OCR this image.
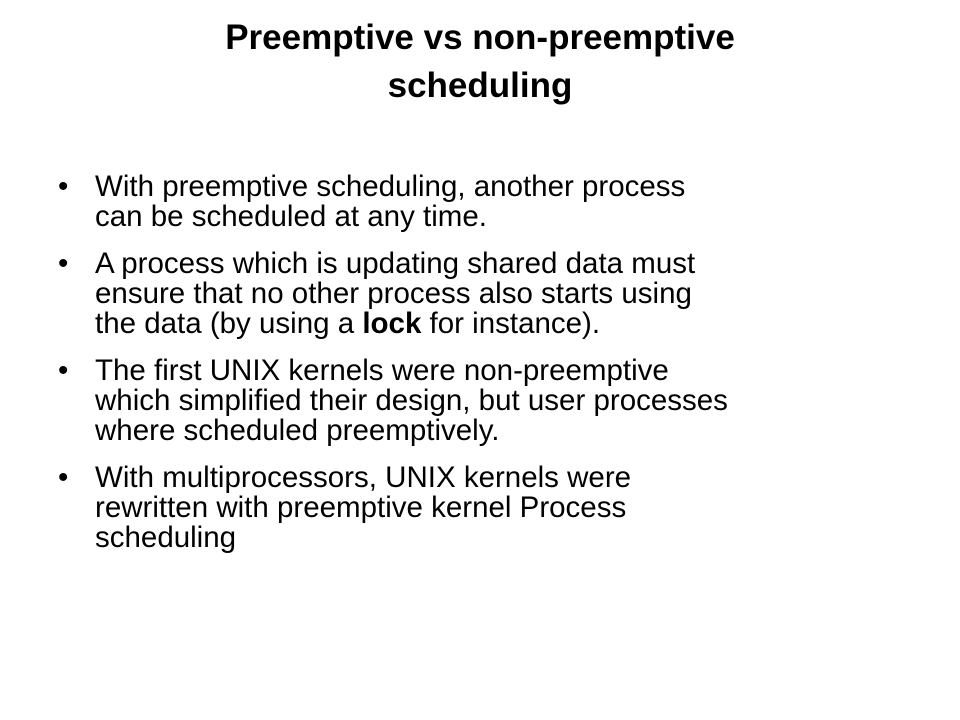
Preemptive vs non-preemptive
scheduling
• With preemptive scheduling, another process
can be scheduled at any time.
• A process which is updating shared data must
ensure that no other process also starts using
the data (by using a lock for instance).
• The first UNIX kernels were non-preemptive
which simplified their design, but user processes
where scheduled preemptively.
• With multiprocessors, UNIX kernels were
rewritten with preemptive kernel Process
scheduling
